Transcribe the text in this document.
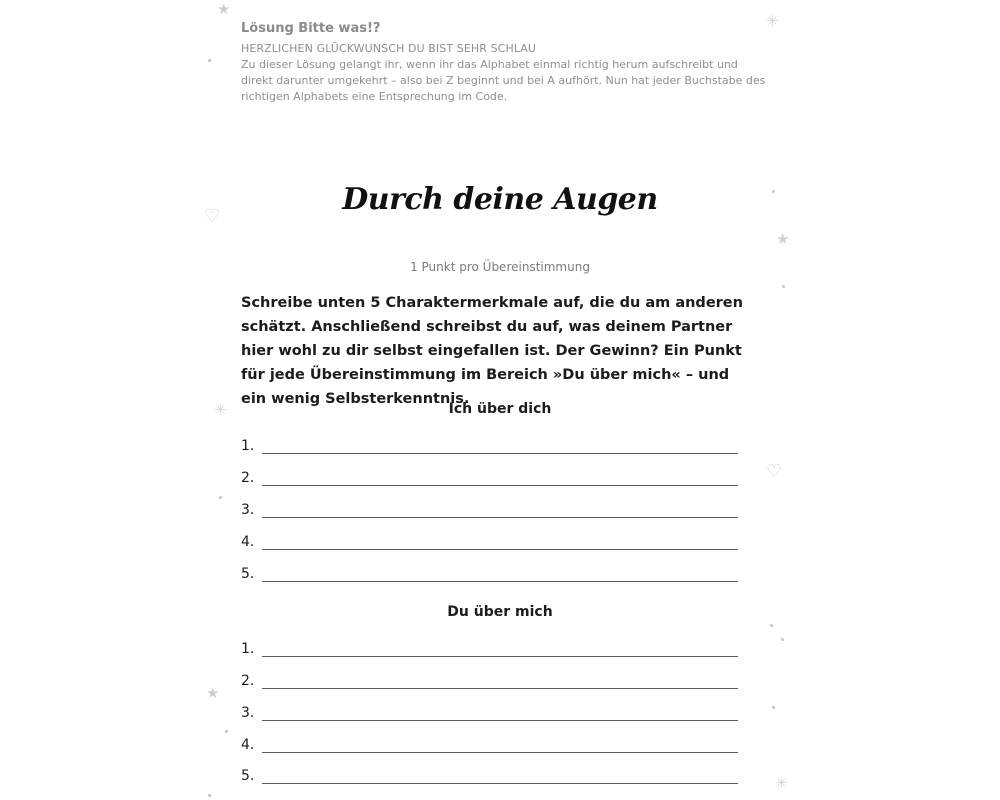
★
✳
♡
★
✳
♡
★
✳
Lösung Bitte was!?
HERZLICHEN GLÜCKWUNSCH DU BIST SEHR SCHLAU
Zu dieser Lösung gelangt ihr, wenn ihr das Alphabet einmal richtig herum aufschreibt und direkt darunter umgekehrt – also bei Z beginnt und bei A aufhört. Nun hat jeder Buchstabe des richtigen Alphabets eine Entsprechung im Code.
Durch deine Augen
1 Punkt pro Übereinstimmung
Schreibe unten 5 Charaktermerkmale auf, die du am anderen schätzt. Anschließend schreibst du auf, was deinem Partner hier wohl zu dir selbst eingefallen ist. Der Gewinn? Ein Punkt für jede Übereinstimmung im Bereich »Du über mich« – und ein wenig Selbsterkenntnis.
Ich über dich
1.
2.
3.
4.
5.
Du über mich
1.
2.
3.
4.
5.
